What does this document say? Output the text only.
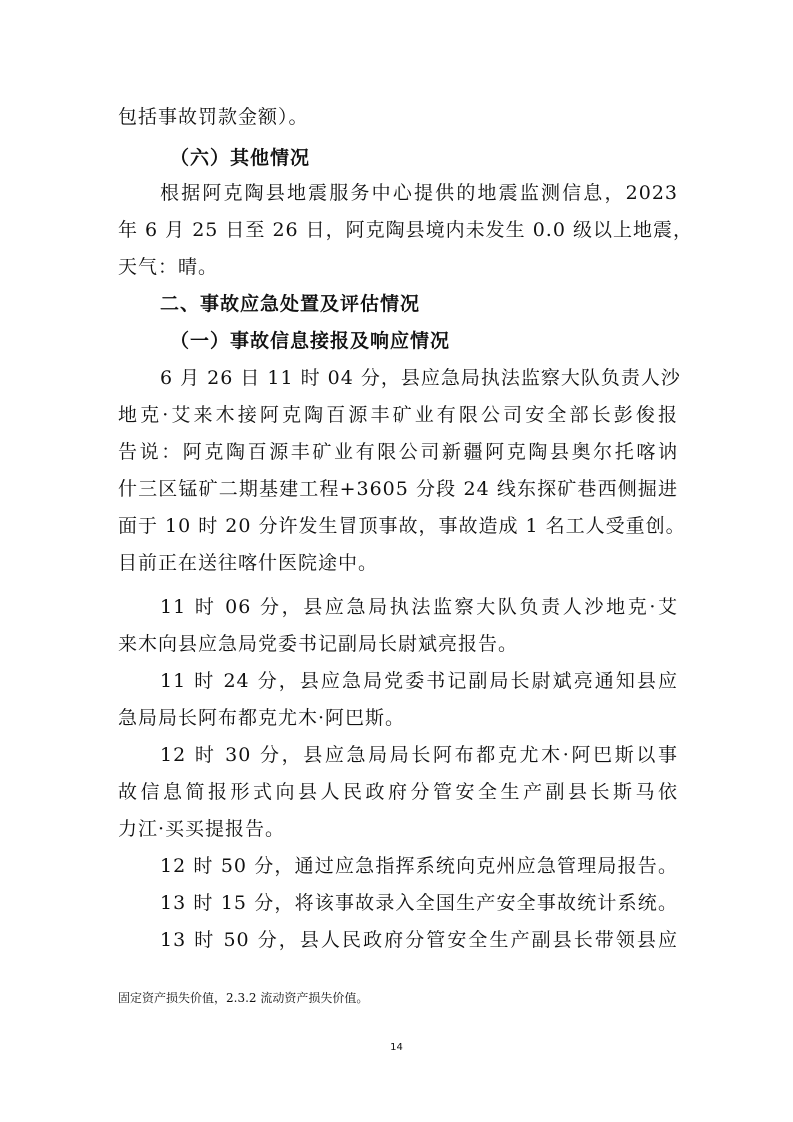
包括事故罚款金额）。
（六）其他情况
根据阿克陶县地震服务中心提供的地震监测信息，2023
年 6 月 25 日至 26 日，阿克陶县境内未发生 0.0 级以上地震，
天气：晴。
二、事故应急处置及评估情况
（一）事故信息接报及响应情况
6 月 26 日 11 时 04 分，县应急局执法监察大队负责人沙
地克·艾来木接阿克陶百源丰矿业有限公司安全部长彭俊报
告说：阿克陶百源丰矿业有限公司新疆阿克陶县奥尔托喀讷
什三区锰矿二期基建工程+3605 分段 24 线东探矿巷西侧掘进
面于 10 时 20 分许发生冒顶事故，事故造成 1 名工人受重创。
目前正在送往喀什医院途中。
11 时 06 分，县应急局执法监察大队负责人沙地克·艾
来木向县应急局党委书记副局长尉斌亮报告。
11 时 24 分，县应急局党委书记副局长尉斌亮通知县应
急局局长阿布都克尤木·阿巴斯。
12 时 30 分，县应急局局长阿布都克尤木·阿巴斯以事
故信息简报形式向县人民政府分管安全生产副县长斯马依
力江·买买提报告。
12 时 50 分，通过应急指挥系统向克州应急管理局报告。
13 时 15 分，将该事故录入全国生产安全事故统计系统。
13 时 50 分，县人民政府分管安全生产副县长带领县应
固定资产损失价值，2.3.2 流动资产损失价值。
14
